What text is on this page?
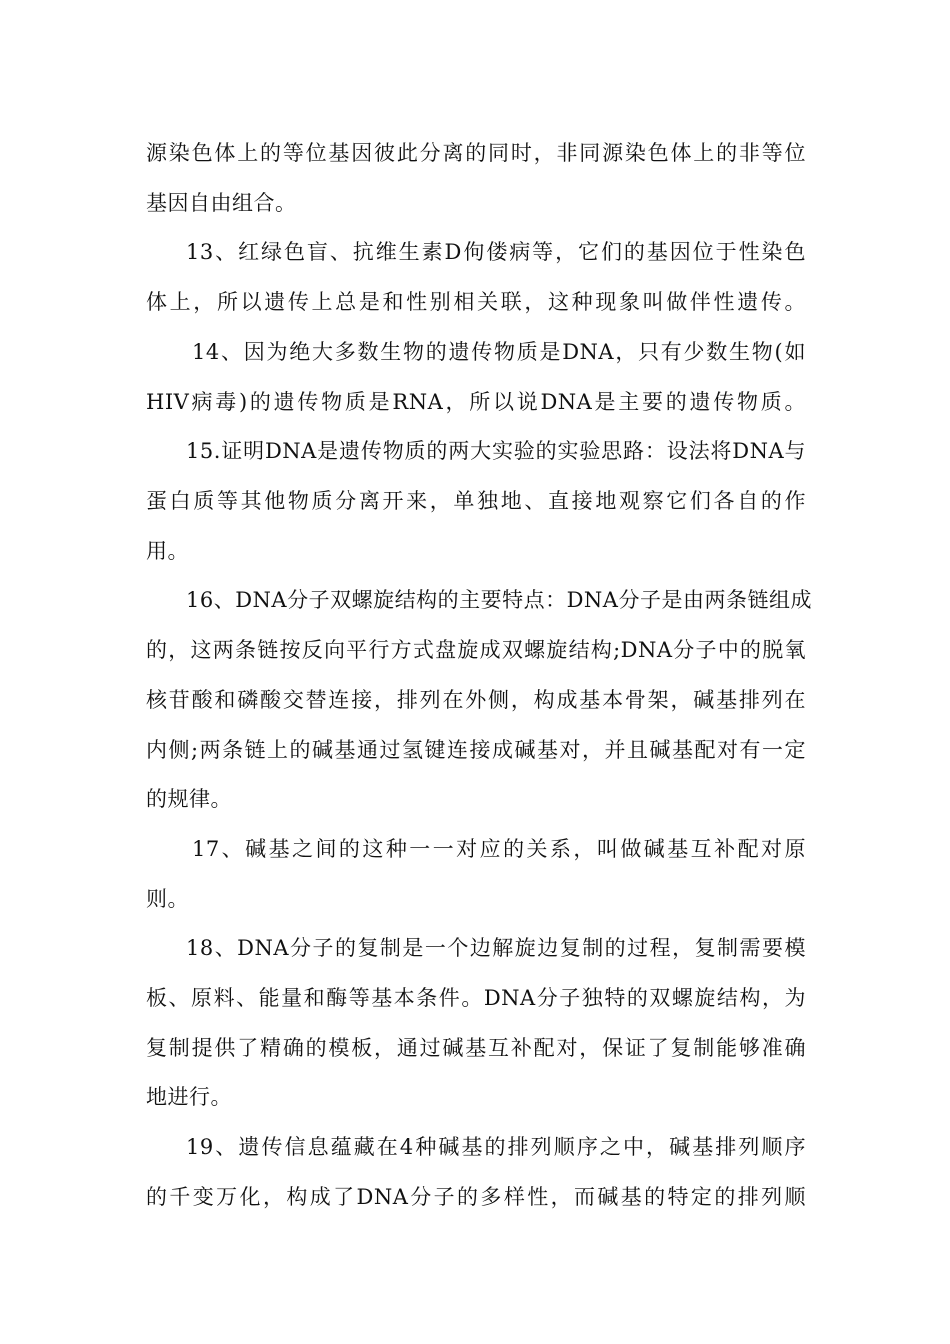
源染色体上的等位基因彼此分离的同时，非同源染色体上的非等位
基因自由组合。
13、红绿色盲、抗维生素D佝偻病等，它们的基因位于性染色
体上，所以遗传上总是和性别相关联，这种现象叫做伴性遗传。
14、因为绝大多数生物的遗传物质是DNA，只有少数生物(如
HIV病毒)的遗传物质是RNA，所以说DNA是主要的遗传物质。
15.证明DNA是遗传物质的两大实验的实验思路：设法将DNA与
蛋白质等其他物质分离开来，单独地、直接地观察它们各自的作
用。
16、DNA分子双螺旋结构的主要特点：DNA分子是由两条链组成
的，这两条链按反向平行方式盘旋成双螺旋结构;DNA分子中的脱氧
核苷酸和磷酸交替连接，排列在外侧，构成基本骨架，碱基排列在
内侧;两条链上的碱基通过氢键连接成碱基对，并且碱基配对有一定
的规律。
17、碱基之间的这种一一对应的关系，叫做碱基互补配对原
则。
18、DNA分子的复制是一个边解旋边复制的过程，复制需要模
板、原料、能量和酶等基本条件。DNA分子独特的双螺旋结构，为
复制提供了精确的模板，通过碱基互补配对，保证了复制能够准确
地进行。
19、遗传信息蕴藏在4种碱基的排列顺序之中，碱基排列顺序
的千变万化，构成了DNA分子的多样性，而碱基的特定的排列顺
